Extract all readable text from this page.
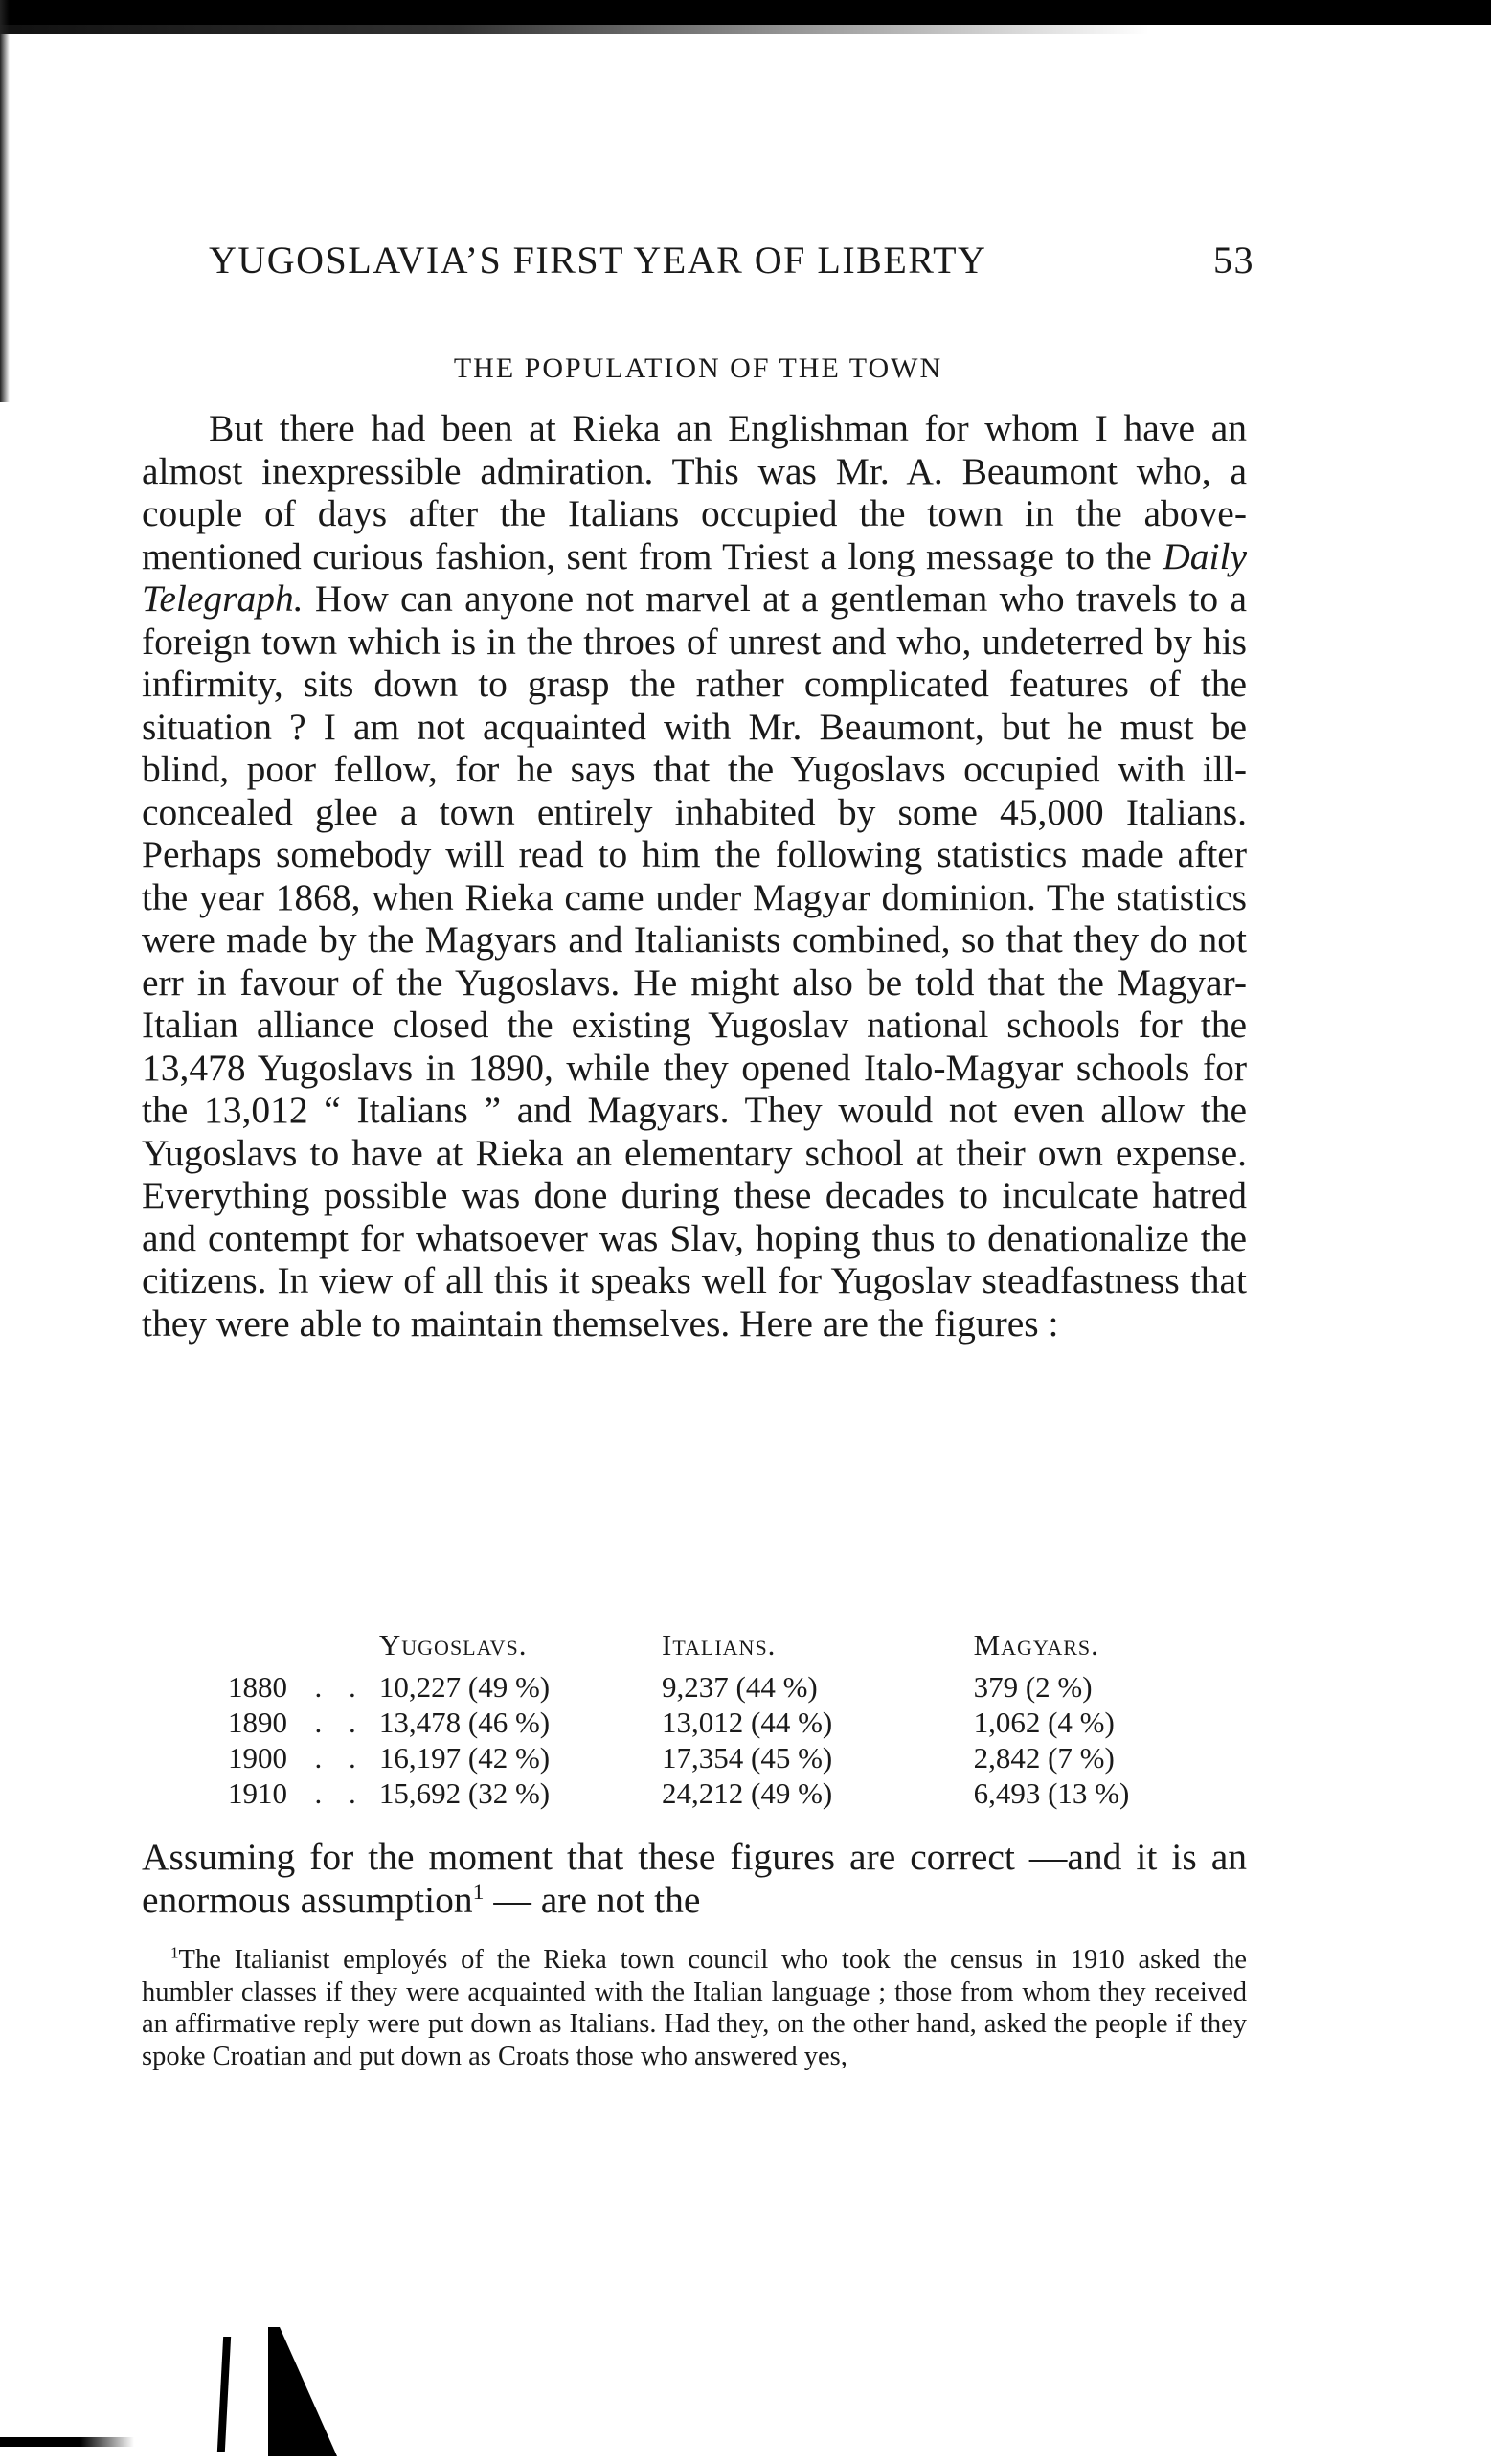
YUGOSLAVIA’S FIRST YEAR OF LIBERTY	53
THE POPULATION OF THE TOWN

But there had been at Rieka an Englishman for whom I have an almost inexpressible admiration. This was Mr. A. Beaumont who, a couple of days after the Italians occupied the town in the above-mentioned curious fashion, sent from Triest a long message to the Daily Telegraph. How can anyone not marvel at a gentleman who travels to a foreign town which is in the throes of unrest and who, undeterred by his infirmity, sits down to grasp the rather complicated features of the situation ? I am not acquainted with Mr. Beaumont, but he must be blind, poor fellow, for he says that the Yugoslavs occupied with ill-concealed glee a town entirely inhabited by some 45,000 Italians. Perhaps somebody will read to him the following statistics made after the year 1868, when Rieka came under Magyar dominion. The statistics were made by the Magyars and Italianists combined, so that they do not err in favour of the Yugoslavs. He might also be told that the Magyar-Italian alliance closed the existing Yugoslav national schools for the 13,478 Yugoslavs in 1890, while they opened Italo-Magyar schools for the 13,012 “ Italians ” and Magyars. They would not even allow the Yugoslavs to have at Rieka an elementary school at their own expense. Everything possible was done during these decades to inculcate hatred and contempt for whatsoever was Slav, hoping thus to denationalize the citizens. In view of all this it speaks well for Yugoslav steadfastness that they were able to maintain themselves. Here are the figures :

Yugoslavs.	Italians.	Magyars.
1880 . . 10,227 (49 %)	9,237 (44 %)	379 (2 %)
1890 . . 13,478 (46 %)	13,012 (44 %)	1,062 (4 %)
1900 . . 16,197 (42 %)	17,354 (45 %)	2,842 (7 %)
1910 . . 15,692 (32 %)	24,212 (49 %)	6,493 (13 %)

Assuming for the moment that these figures are correct —and it is an enormous assumption$^1$ — are not the

$^1$The Italianist employés of the Rieka town council who took the census in 1910 asked the humbler classes if they were acquainted with the Italian language ; those from whom they received an affirmative reply were put down as Italians. Had they, on the other hand, asked the people if they spoke Croatian and put down as Croats those who answered yes,
